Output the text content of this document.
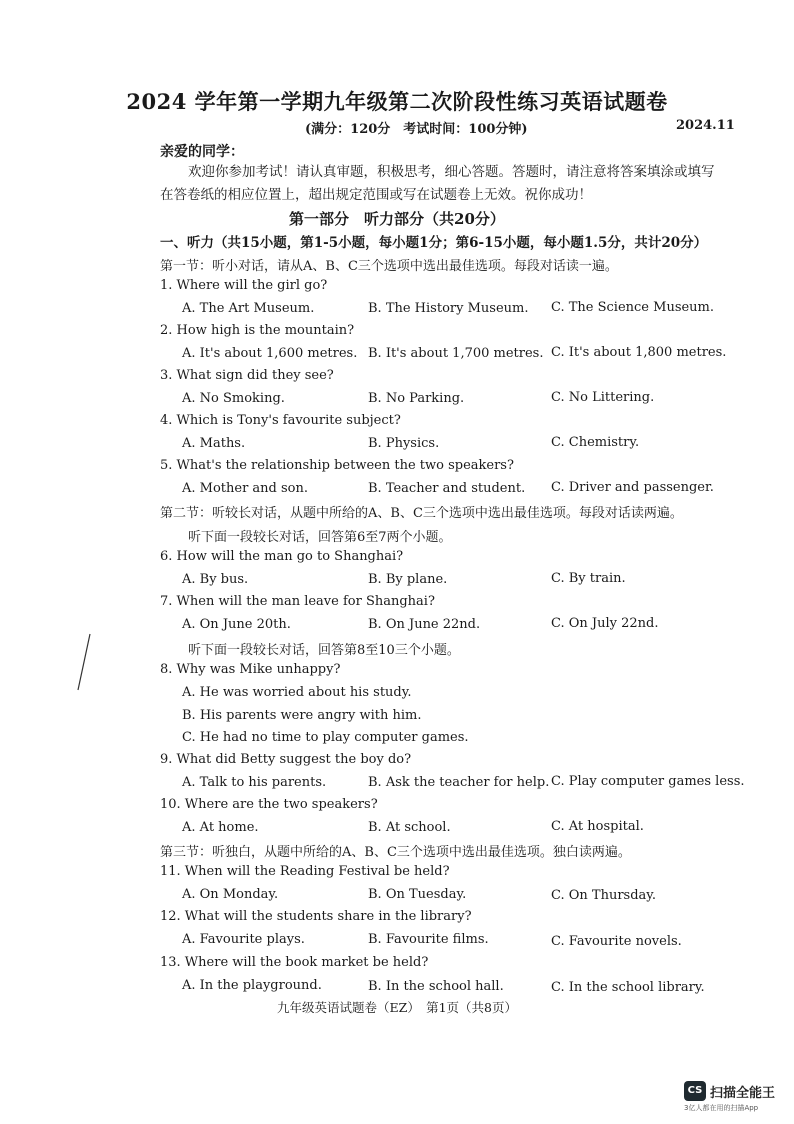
2024 学年第一学期九年级第二次阶段性练习英语试题卷
(满分：120分　考试时间：100分钟)	2024.11
亲爱的同学：
欢迎你参加考试！请认真审题，积极思考，细心答题。答题时，请注意将答案填涂或填写在答卷纸的相应位置上，超出规定范围或写在试题卷上无效。祝你成功！
第一部分　听力部分（共20分）
一、听力（共15小题，第1-5小题，每小题1分；第6-15小题，每小题1.5分，共计20分）
第一节：听小对话，请从A、B、C三个选项中选出最佳选项。每段对话读一遍。
1. Where will the girl go?
A. The Art Museum.	B. The History Museum. C. The Science Museum.
2. How high is the mountain?
A. It's about 1,600 metres. B. It's about 1,700 metres. C. It's about 1,800 metres.
3. What sign did they see?
A. No Smoking.	B. No Parking.	C. No Littering.
4. Which is Tony's favourite subject?
A. Maths.	B. Physics.	C. Chemistry.
5. What's the relationship between the two speakers?
A. Mother and son.	B. Teacher and student. C. Driver and passenger.
第二节：听较长对话，从题中所给的A、B、C三个选项中选出最佳选项。每段对话读两遍。
听下面一段较长对话，回答第6至7两个小题。
6. How will the man go to Shanghai?
A. By bus.	B. By plane.	C. By train.
7. When will the man leave for Shanghai?
A. On June 20th.	B. On June 22nd.	C. On July 22nd.
听下面一段较长对话，回答第8至10三个小题。
8. Why was Mike unhappy?
A. He was worried about his study.
B. His parents were angry with him.
C. He had no time to play computer games.
9. What did Betty suggest the boy do?
A. Talk to his parents.	B. Ask the teacher for help. C. Play computer games less.
10. Where are the two speakers?
A. At home.	B. At school.	C. At hospital.
第三节：听独白，从题中所给的A、B、C三个选项中选出最佳选项。独白读两遍。
11. When will the Reading Festival be held?
A. On Monday.	B. On Tuesday.	C. On Thursday.
12. What will the students share in the library?
A. Favourite plays.	B. Favourite films.	C. Favourite novels.
13. Where will the book market be held?
A. In the playground.	B. In the school hall.	C. In the school library.
九年级英语试题卷（EZ）　第1页（共8页）
CS 扫描全能王
3亿人都在用的扫描App
